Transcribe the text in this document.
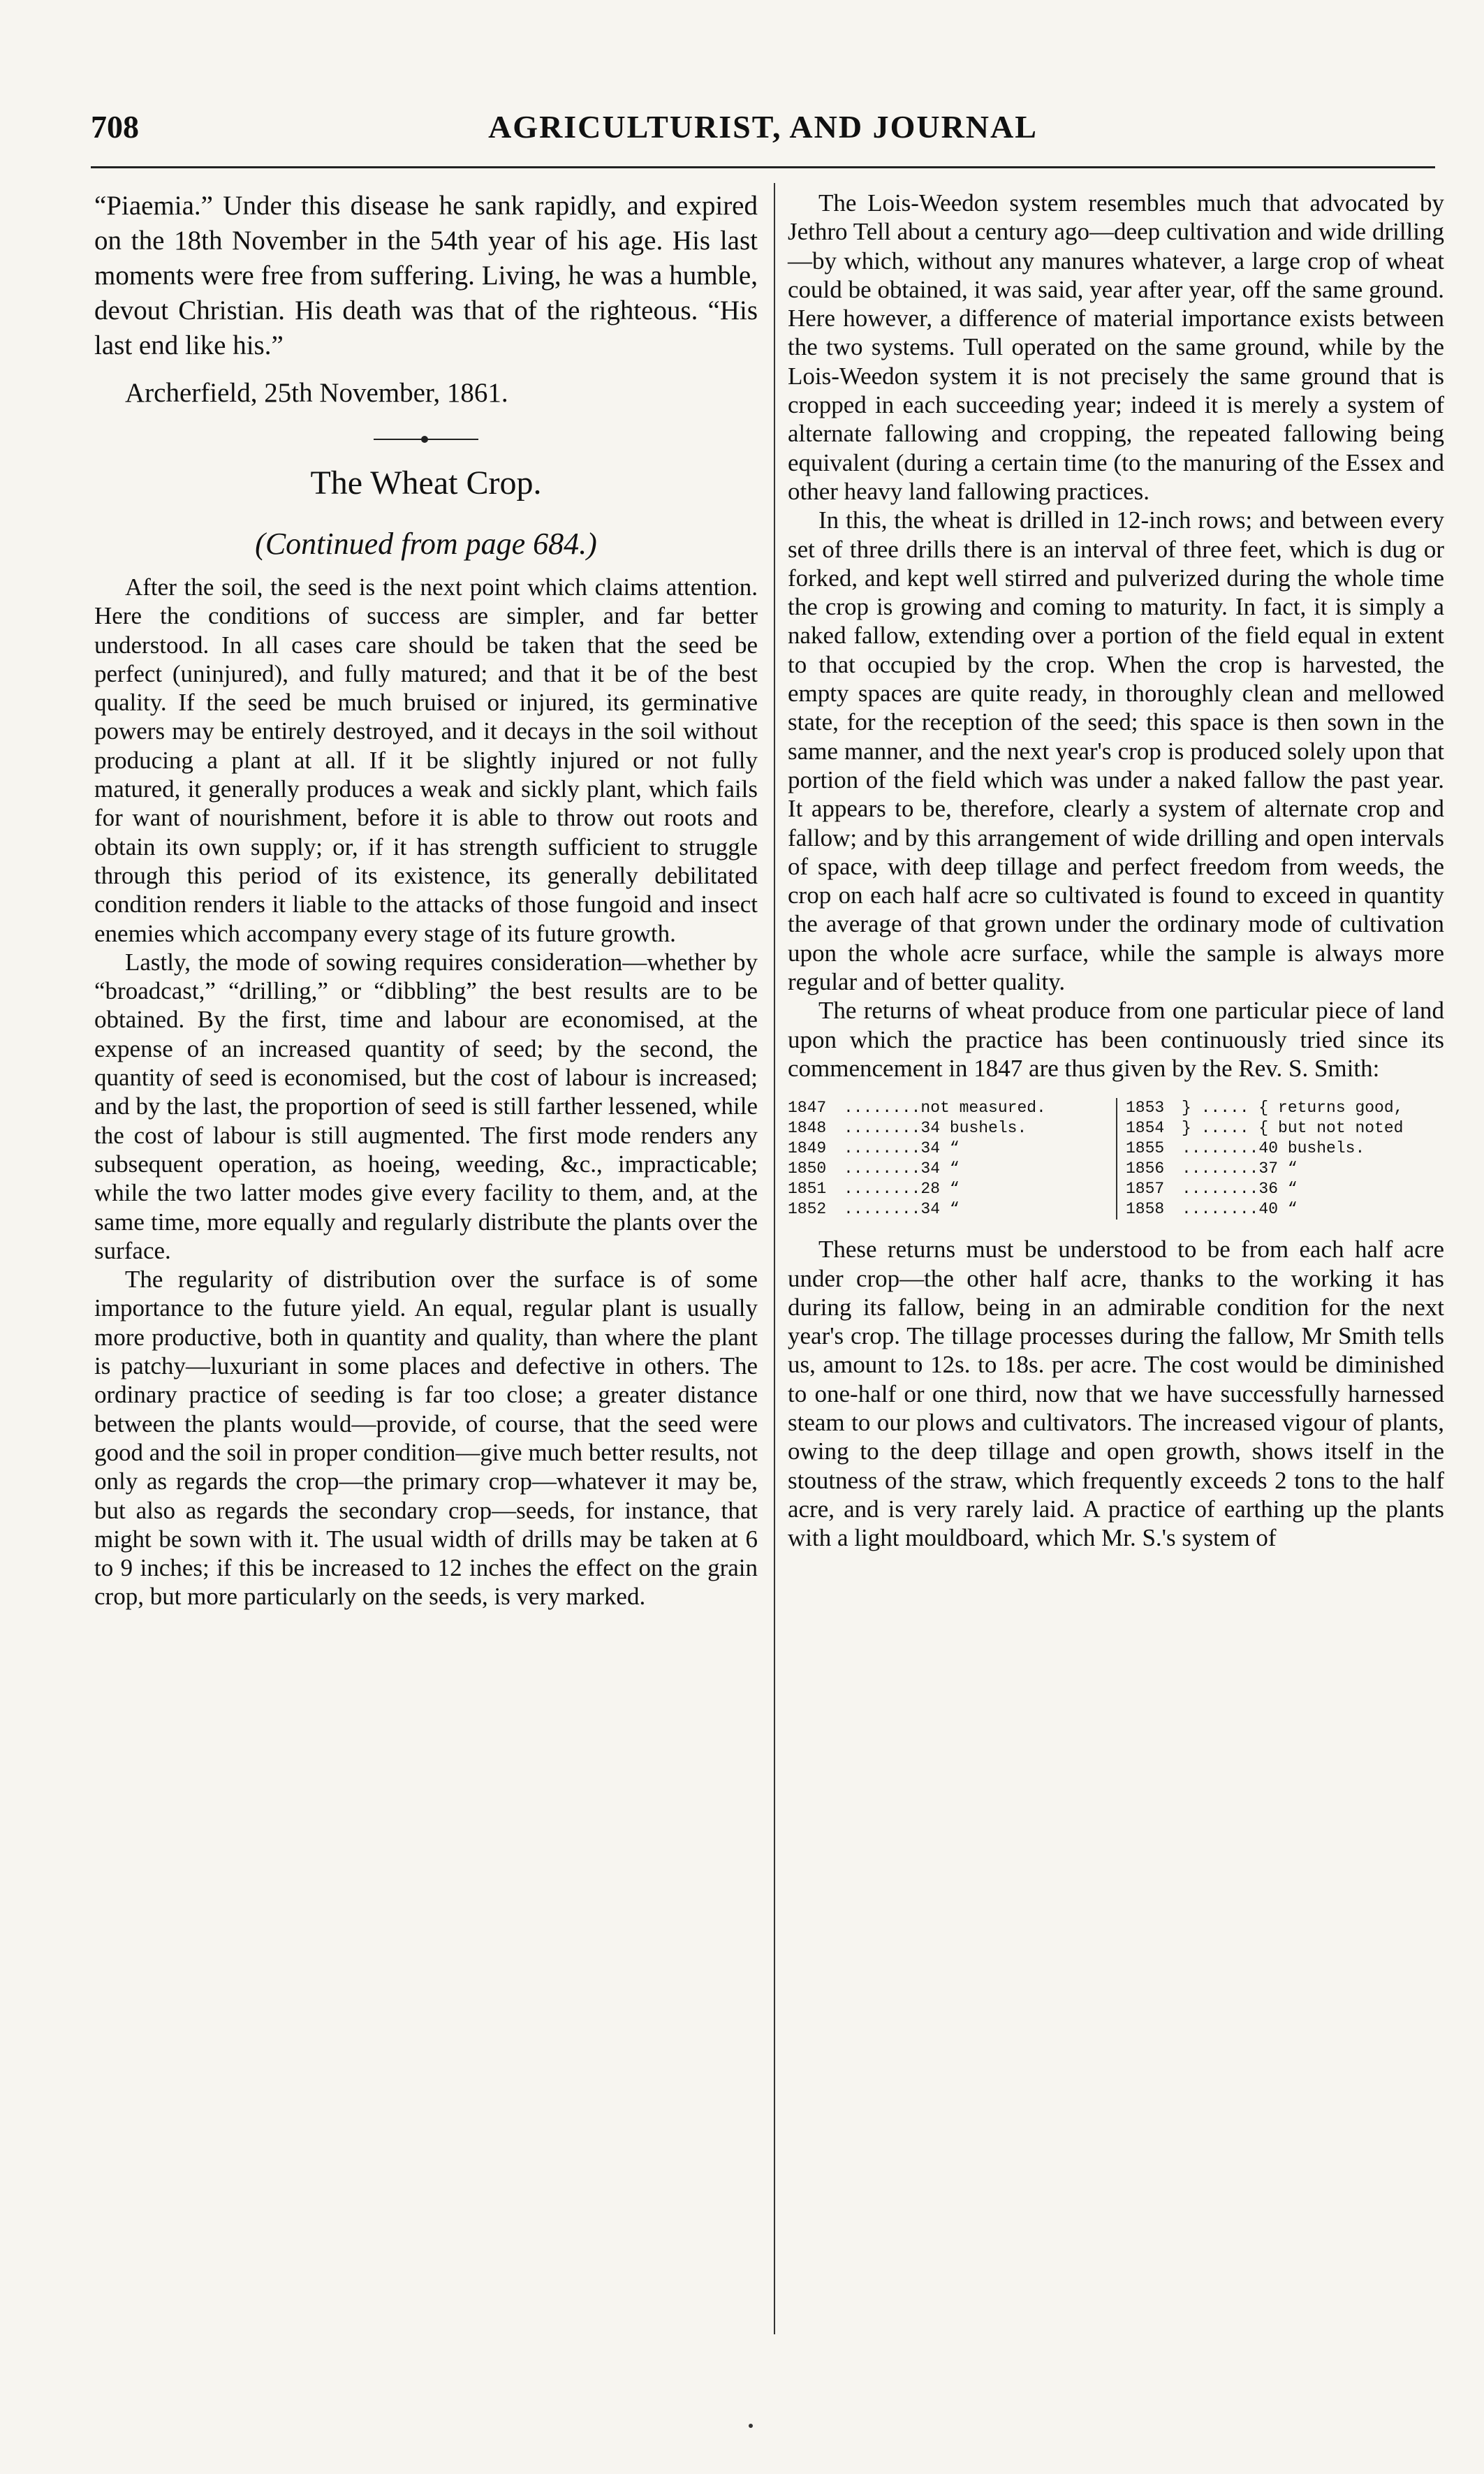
708	AGRICULTURIST, AND JOURNAL

“Piaemia.” Under this disease he sank rapidly, and expired on the 18th November in the 54th year of his age. His last moments were free from suffering. Living, he was a humble, devout Christian. His death was that of the righteous. “His last end like his.”

Archerfield, 25th November, 1861.

The Wheat Crop.
(Continued from page 684.)

After the soil, the seed is the next point which claims attention. Here the conditions of success are simpler, and far better understood. In all cases care should be taken that the seed be perfect (uninjured), and fully matured; and that it be of the best quality. If the seed be much bruised or injured, its germinative powers may be entirely destroyed, and it decays in the soil without producing a plant at all. If it be slightly injured or not fully matured, it generally produces a weak and sickly plant, which fails for want of nourishment, before it is able to throw out roots and obtain its own supply; or, if it has strength sufficient to struggle through this period of its existence, its generally debilitated condition renders it liable to the attacks of those fungoid and insect enemies which accompany every stage of its future growth.

Lastly, the mode of sowing requires consideration—whether by “broadcast,” “drilling,” or “dibbling” the best results are to be obtained. By the first, time and labour are economised, at the expense of an increased quantity of seed; by the second, the quantity of seed is economised, but the cost of labour is increased; and by the last, the proportion of seed is still farther lessened, while the cost of labour is still augmented. The first mode renders any subsequent operation, as hoeing, weeding, &c., impracticable; while the two latter modes give every facility to them, and, at the same time, more equally and regularly distribute the plants over the surface.

The regularity of distribution over the surface is of some importance to the future yield. An equal, regular plant is usually more productive, both in quantity and quality, than where the plant is patchy—luxuriant in some places and defective in others. The ordinary practice of seeding is far too close; a greater distance between the plants would—provide, of course, that the seed were good and the soil in proper condition—give much better results, not only as regards the crop—the primary crop—whatever it may be, but also as regards the secondary crop—seeds, for instance, that might be sown with it. The usual width of drills may be taken at 6 to 9 inches; if this be increased to 12 inches the effect on the grain crop, but more particularly on the seeds, is very marked.

The Lois-Weedon system resembles much that advocated by Jethro Tell about a century ago—deep cultivation and wide drilling—by which, without any manures whatever, a large crop of wheat could be obtained, it was said, year after year, off the same ground. Here however, a difference of material importance exists between the two systems. Tull operated on the same ground, while by the Lois-Weedon system it is not precisely the same ground that is cropped in each succeeding year; indeed it is merely a system of alternate fallowing and cropping, the repeated fallowing being equivalent (during a certain time (to the manuring of the Essex and other heavy land fallowing practices.

In this, the wheat is drilled in 12-inch rows; and between every set of three drills there is an interval of three feet, which is dug or forked, and kept well stirred and pulverized during the whole time the crop is growing and coming to maturity. In fact, it is simply a naked fallow, extending over a portion of the field equal in extent to that occupied by the crop. When the crop is harvested, the empty spaces are quite ready, in thoroughly clean and mellowed state, for the reception of the seed; this space is then sown in the same manner, and the next year's crop is produced solely upon that portion of the field which was under a naked fallow the past year. It appears to be, therefore, clearly a system of alternate crop and fallow; and by this arrangement of wide drilling and open intervals of space, with deep tillage and perfect freedom from weeds, the crop on each half acre so cultivated is found to exceed in quantity the average of that grown under the ordinary mode of cultivation upon the whole acre surface, while the sample is always more regular and of better quality.

The returns of wheat produce from one particular piece of land upon which the practice has been continuously tried since its commencement in 1847 are thus given by the Rev. S. Smith:

1847	........not measured.
1848	........34 bushels.
1849	........34 “
1850	........34 “
1851	........28 “
1852	........34 “
1853	} ..... { returns good,
1854	} ..... { but not noted
1855	........40 bushels.
1856	........37 “
1857	........36 “
1858	........40 “

These returns must be understood to be from each half acre under crop—the other half acre, thanks to the working it has during its fallow, being in an admirable condition for the next year's crop. The tillage processes during the fallow, Mr Smith tells us, amount to 12s. to 18s. per acre. The cost would be diminished to one-half or one third, now that we have successfully harnessed steam to our plows and cultivators. The increased vigour of plants, owing to the deep tillage and open growth, shows itself in the stoutness of the straw, which frequently exceeds 2 tons to the half acre, and is very rarely laid. A practice of earthing up the plants with a light mouldboard, which Mr. S.'s system of
